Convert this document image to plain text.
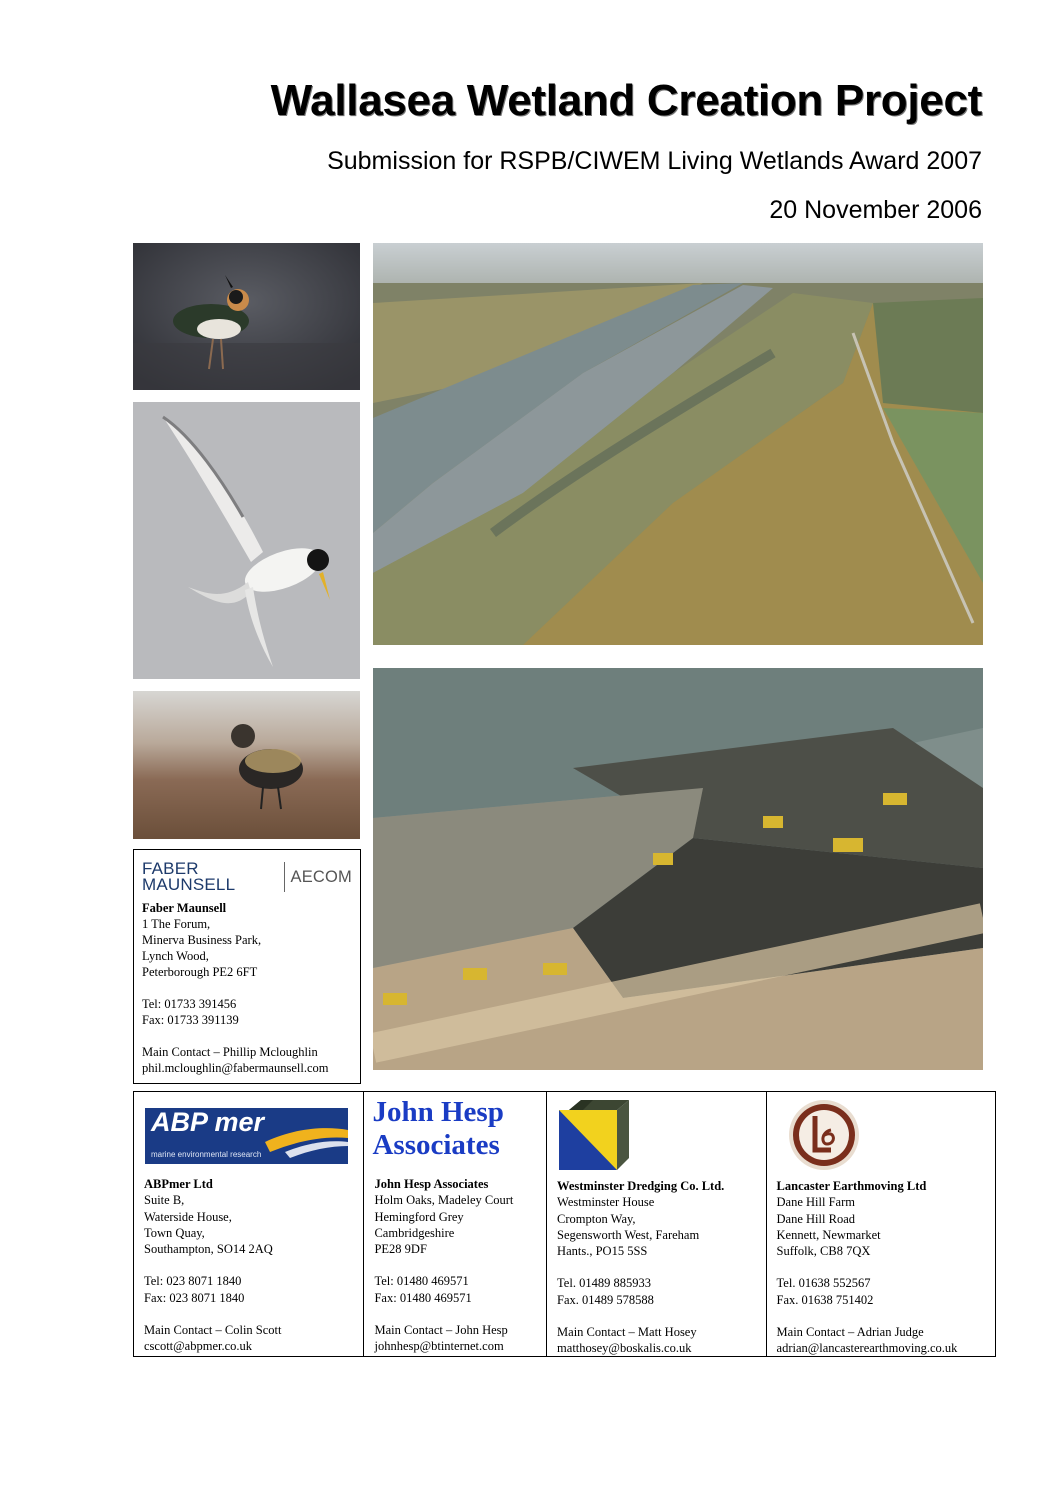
Wallasea Wetland Creation Project
Submission for RSPB/CIWEM Living Wetlands Award 2007
20 November 2006
FABER MAUNSELL	AECOM
Faber Maunsell
1 The Forum,
Minerva Business Park,
Lynch Wood,
Peterborough PE2 6FT
Tel: 01733 391456
Fax: 01733 391139
Main Contact – Phillip Mcloughlin
phil.mcloughlin@fabermaunsell.com
ABP mer
marine environmental research
ABPmer Ltd
Suite B,
Waterside House,
Town Quay,
Southampton, SO14 2AQ
Tel: 023 8071 1840
Fax: 023 8071 1840
Main Contact – Colin Scott
cscott@abpmer.co.uk
John Hesp
Associates
John Hesp Associates
Holm Oaks, Madeley Court
Hemingford Grey
Cambridgeshire
PE28 9DF
Tel: 01480 469571
Fax: 01480 469571
Main Contact – John Hesp
johnhesp@btinternet.com
Westminster Dredging Co. Ltd.
Westminster House
Crompton Way,
Segensworth West, Fareham
Hants., PO15 5SS
Tel. 01489 885933
Fax. 01489 578588
Main Contact – Matt Hosey
matthosey@boskalis.co.uk
Lancaster Earthmoving Ltd
Dane Hill Farm
Dane Hill Road
Kennett, Newmarket
Suffolk, CB8 7QX
Tel. 01638 552567
Fax. 01638 751402
Main Contact – Adrian Judge
adrian@lancasterearthmoving.co.uk
